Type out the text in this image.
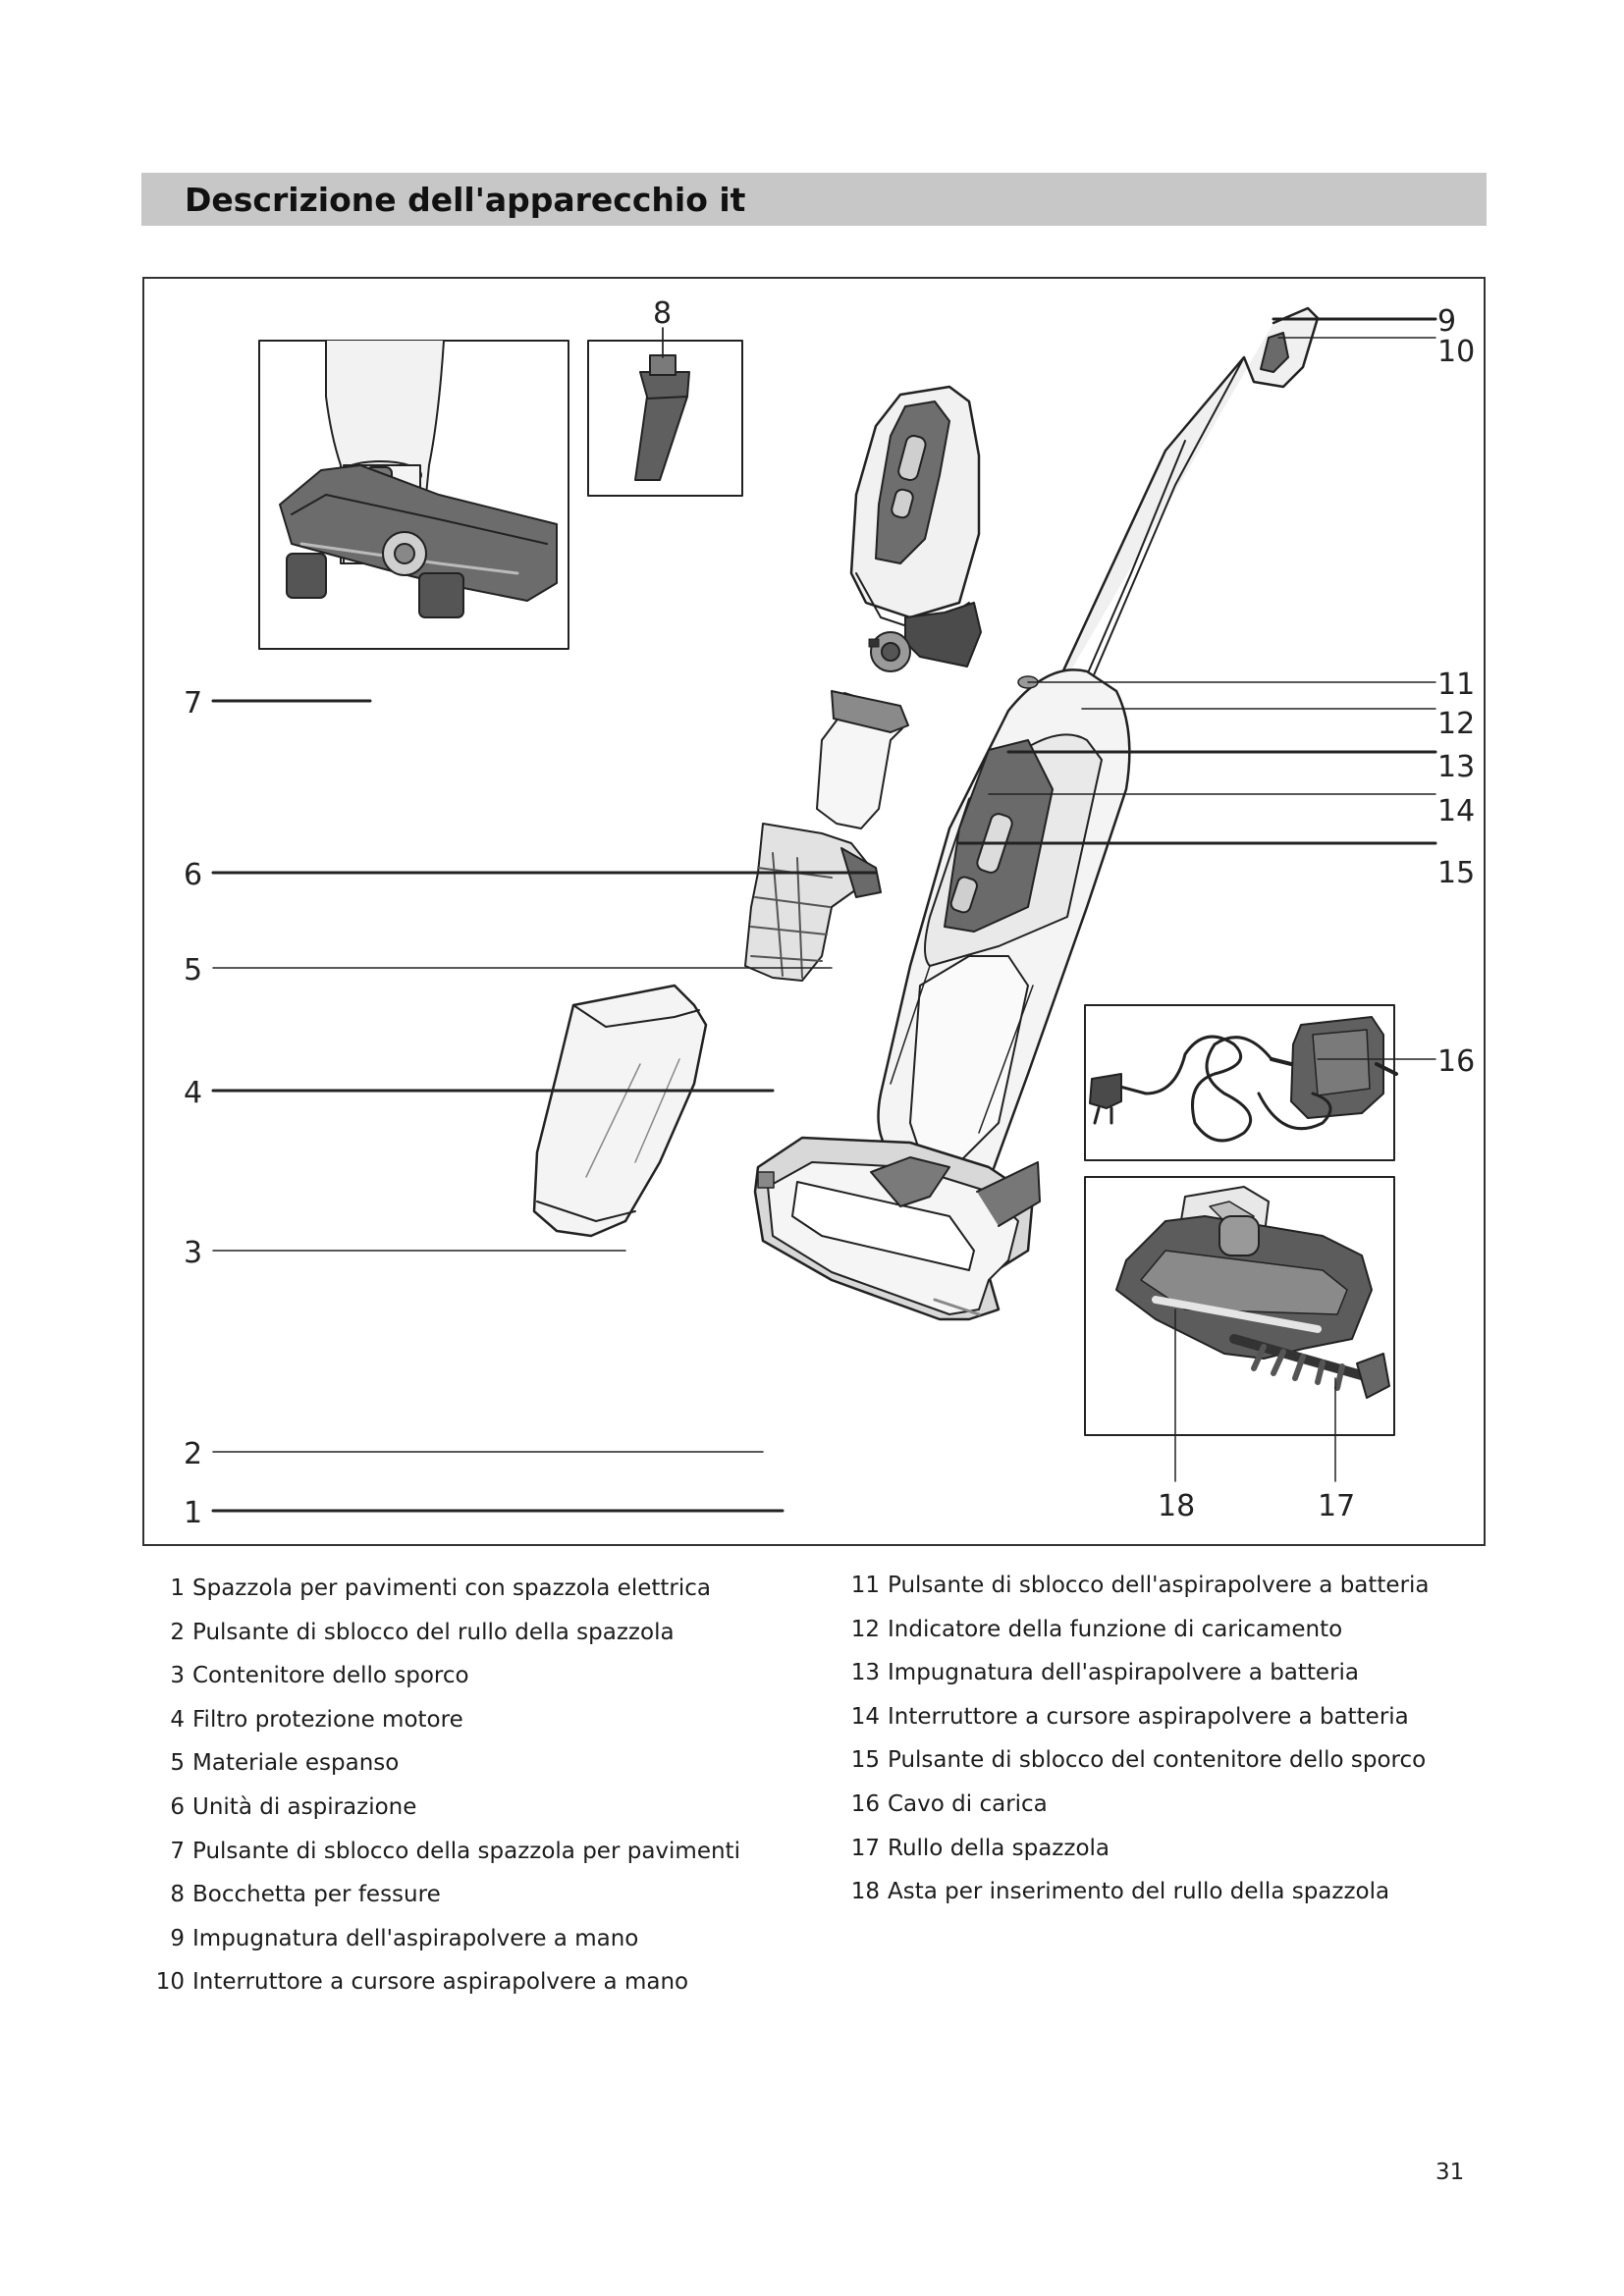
Descrizione dell'apparecchio it
1
2
3
4
5
6
7
8	9
10
11
12
13
14
15
16
17
18
1 Spazzola per pavimenti con spazzola elettrica
2 Pulsante di sblocco del rullo della spazzola
3 Contenitore dello sporco
4 Filtro protezione motore
5 Materiale espanso
6 Unità di aspirazione
7 Pulsante di sblocco della spazzola per pavimenti
8 Bocchetta per fessure
9 Impugnatura dell'aspirapolvere a mano
10 Interruttore a cursore aspirapolvere a mano
11 Pulsante di sblocco dell'aspirapolvere a batteria
12 Indicatore della funzione di caricamento
13 Impugnatura dell'aspirapolvere a batteria
14 Interruttore a cursore aspirapolvere a batteria
15 Pulsante di sblocco del contenitore dello sporco
16 Cavo di carica
17 Rullo della spazzola
18 Asta per inserimento del rullo della spazzola
31
